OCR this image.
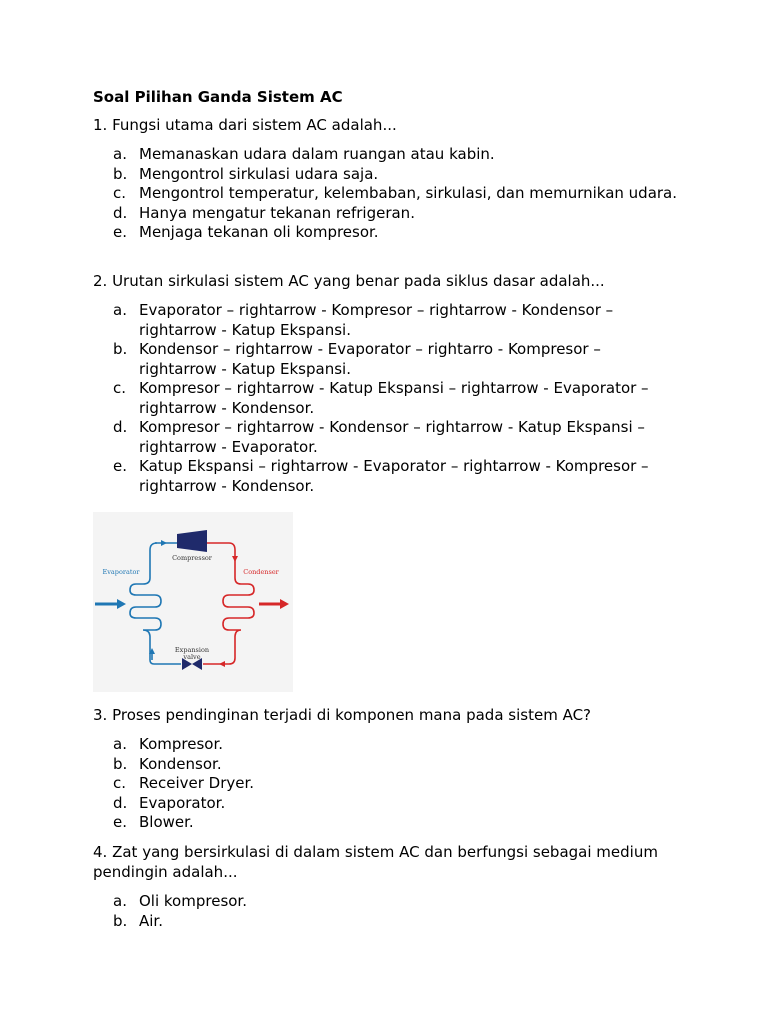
Soal Pilihan Ganda Sistem AC
1. Fungsi utama dari sistem AC adalah...
a. Memanaskan udara dalam ruangan atau kabin.
b. Mengontrol sirkulasi udara saja.
c. Mengontrol temperatur, kelembaban, sirkulasi, dan memurnikan udara.
d. Hanya mengatur tekanan refrigeran.
e. Menjaga tekanan oli kompresor.
2. Urutan sirkulasi sistem AC yang benar pada siklus dasar adalah...
a. Evaporator – rightarrow - Kompresor – rightarrow - Kondensor – rightarrow - Katup Ekspansi.
b. Kondensor – rightarrow - Evaporator – rightarro - Kompresor – rightarrow - Katup Ekspansi.
c. Kompresor – rightarrow - Katup Ekspansi – rightarrow - Evaporator – rightarrow - Kondensor.
d. Kompresor – rightarrow - Kondensor – rightarrow - Katup Ekspansi – rightarrow - Evaporator.
e. Katup Ekspansi – rightarrow - Evaporator – rightarrow - Kompresor – rightarrow - Kondensor.
Compressor
Evaporator	Condenser
Expansion
valve
3. Proses pendinginan terjadi di komponen mana pada sistem AC?
a. Kompresor.
b. Kondensor.
c. Receiver Dryer.
d. Evaporator.
e. Blower.
4. Zat yang bersirkulasi di dalam sistem AC dan berfungsi sebagai medium pendingin adalah...
a. Oli kompresor.
b. Air.
